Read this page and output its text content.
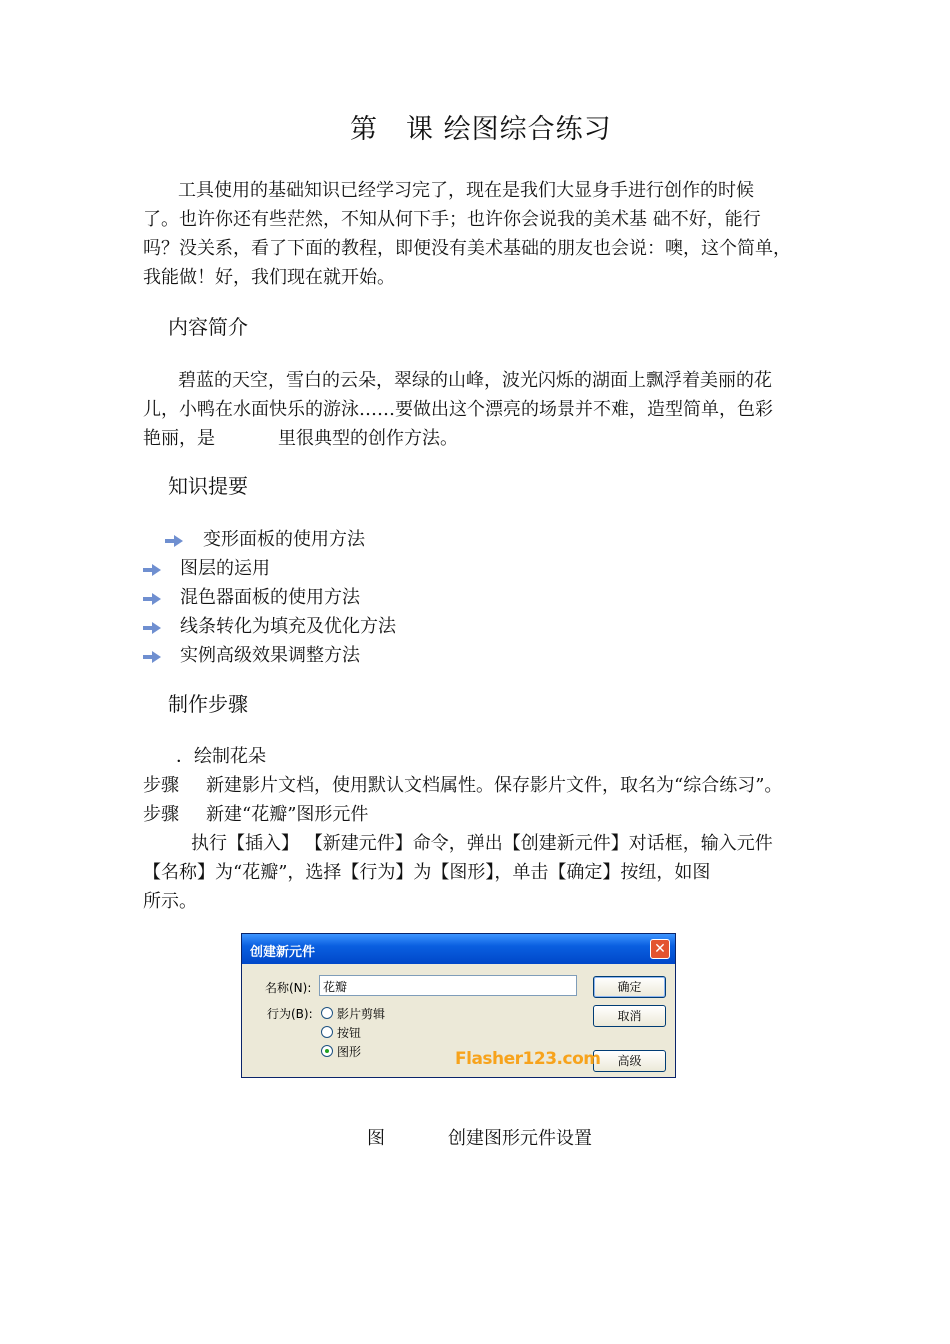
第　课 绘图综合练习
工具使用的基础知识已经学习完了，现在是我们大显身手进行创作的时候
了。也许你还有些茫然，不知从何下手；也许你会说我的美术基 础不好，能行
吗？没关系，看了下面的教程，即便没有美术基础的朋友也会说：噢，这个简单，
我能做！好，我们现在就开始。
内容简介
碧蓝的天空，雪白的云朵，翠绿的山峰，波光闪烁的湖面上飘浮着美丽的花
儿，小鸭在水面快乐的游泳……要做出这个漂亮的场景并不难，造型简单，色彩
艳丽，是	里很典型的创作方法。
知识提要
变形面板的使用方法
图层的运用
混色器面板的使用方法
线条转化为填充及优化方法
实例高级效果调整方法
制作步骤
．绘制花朵
步骤 新建影片文档，使用默认文档属性。保存影片文件，取名为“综合练习”。
步骤 新建“花瓣”图形元件
执行【插入】 【新建元件】命令，弹出【创建新元件】对话框，输入元件
【名称】为“花瓣”，选择【行为】为【图形】，单击【确定】按纽，如图
所示。
创建新元件	✕
名称(N): 花瓣
行为(B): 影片剪辑
按钮
图形
确定
取消
高级
Flasher123.com
图	创建图形元件设置
